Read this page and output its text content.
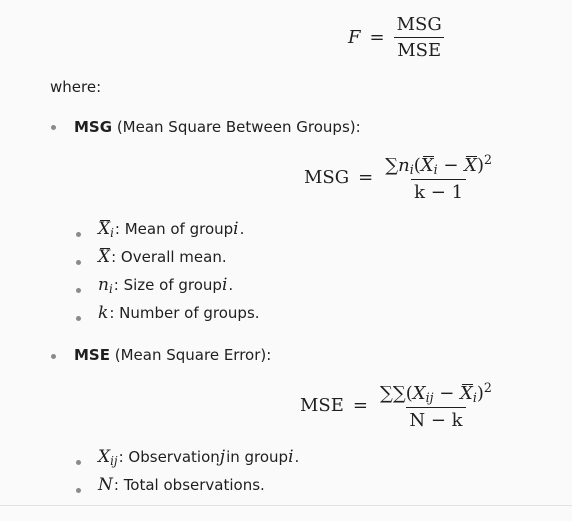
$F = \frac{\text{MSG}}{\text{MSE}}$
where:
MSG (Mean Square Between Groups):
MSG = $\frac{\sum n_i(X_i - X)^2}{k - 1}$
$X_i$ : Mean of group i .
X : Overall mean.
$n_i$ : Size of group i .
k : Number of groups.
MSE (Mean Square Error):
MSE = $\frac{\sum\sum(X_{ij} - X_i)^2}{N - k}$
$X_{ij}$ : Observation j in group i .
N : Total observations.
